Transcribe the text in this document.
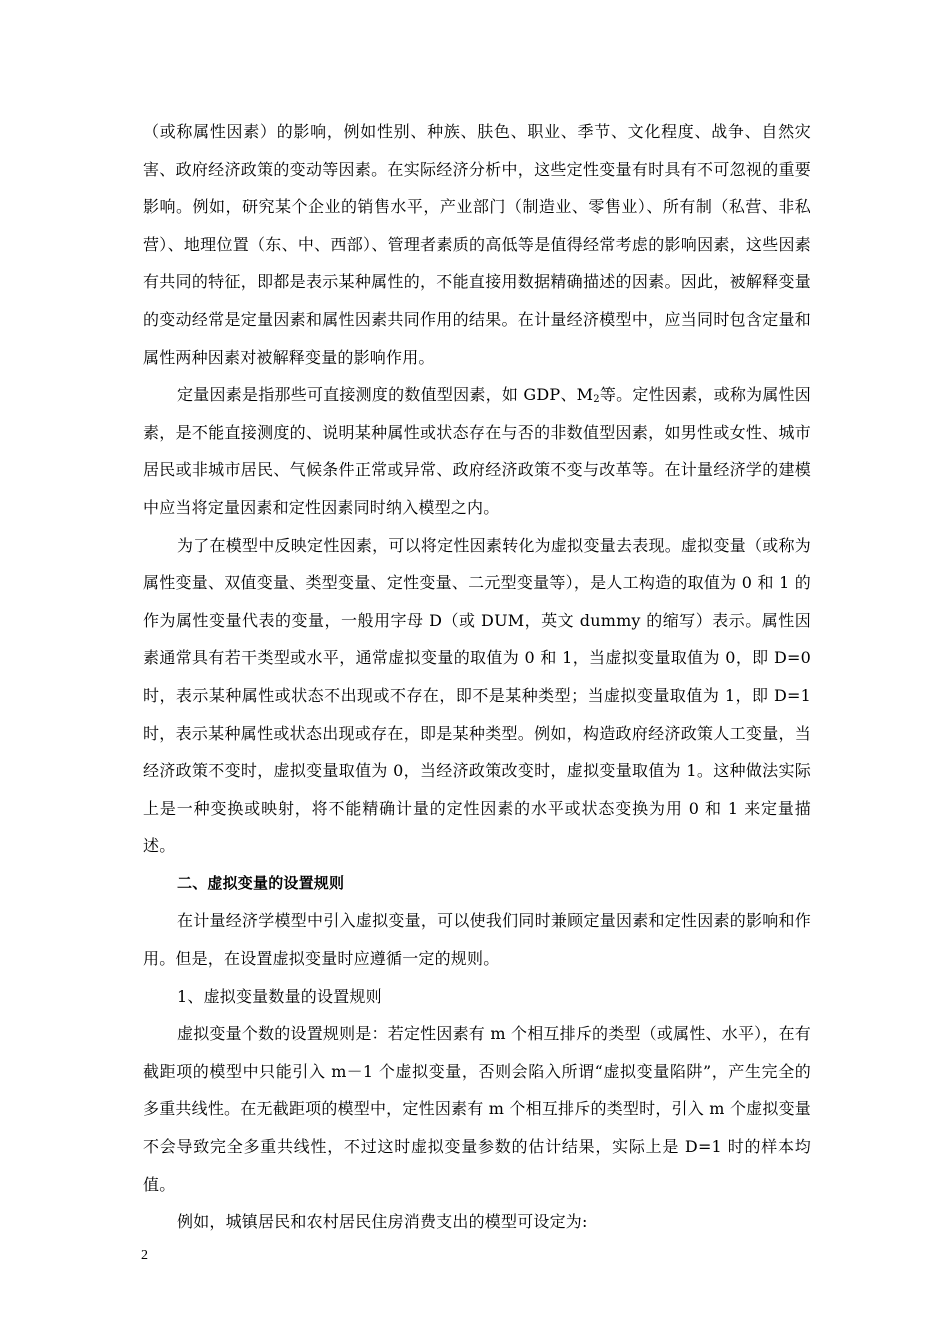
（或称属性因素）的影响，例如性别、种族、肤色、职业、季节、文化程度、战争、自然灾害、政府经济政策的变动等因素。在实际经济分析中，这些定性变量有时具有不可忽视的重要影响。例如，研究某个企业的销售水平，产业部门（制造业、零售业）、所有制（私营、非私营）、地理位置（东、中、西部）、管理者素质的高低等是值得经常考虑的影响因素，这些因素有共同的特征，即都是表示某种属性的，不能直接用数据精确描述的因素。因此，被解释变量的变动经常是定量因素和属性因素共同作用的结果。在计量经济模型中，应当同时包含定量和属性两种因素对被解释变量的影响作用。

定量因素是指那些可直接测度的数值型因素，如 GDP、$M_2$等。定性因素，或称为属性因素，是不能直接测度的、说明某种属性或状态存在与否的非数值型因素，如男性或女性、城市居民或非城市居民、气候条件正常或异常、政府经济政策不变与改革等。在计量经济学的建模中应当将定量因素和定性因素同时纳入模型之内。

为了在模型中反映定性因素，可以将定性因素转化为虚拟变量去表现。虚拟变量（或称为属性变量、双值变量、类型变量、定性变量、二元型变量等），是人工构造的取值为 0 和 1 的作为属性变量代表的变量，一般用字母 D（或 DUM，英文 dummy 的缩写）表示。属性因素通常具有若干类型或水平，通常虚拟变量的取值为 0 和 1，当虚拟变量取值为 0，即 D=0 时，表示某种属性或状态不出现或不存在，即不是某种类型；当虚拟变量取值为 1，即 D=1 时，表示某种属性或状态出现或存在，即是某种类型。例如，构造政府经济政策人工变量，当经济政策不变时，虚拟变量取值为 0，当经济政策改变时，虚拟变量取值为 1。这种做法实际上是一种变换或映射，将不能精确计量的定性因素的水平或状态变换为用 0 和 1 来定量描述。

二、虚拟变量的设置规则

在计量经济学模型中引入虚拟变量，可以使我们同时兼顾定量因素和定性因素的影响和作用。但是，在设置虚拟变量时应遵循一定的规则。

1、虚拟变量数量的设置规则

虚拟变量个数的设置规则是：若定性因素有 m 个相互排斥的类型（或属性、水平），在有截距项的模型中只能引入 m－1 个虚拟变量，否则会陷入所谓“虚拟变量陷阱”，产生完全的多重共线性。在无截距项的模型中，定性因素有 m 个相互排斥的类型时，引入 m 个虚拟变量不会导致完全多重共线性，不过这时虚拟变量参数的估计结果，实际上是 D=1 时的样本均值。

例如，城镇居民和农村居民住房消费支出的模型可设定为:

2
